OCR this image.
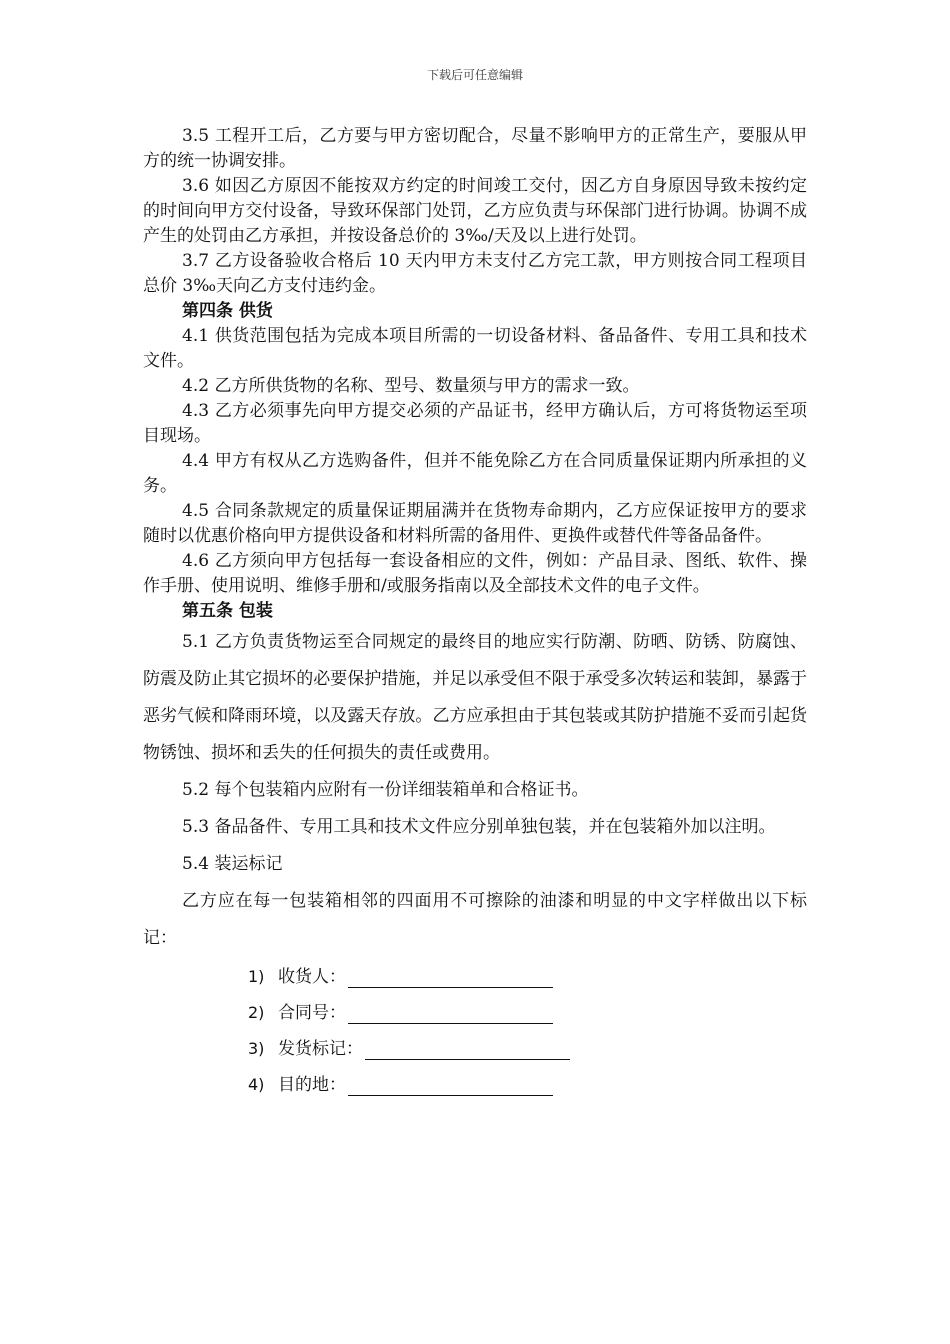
下载后可任意编辑

3.5 工程开工后，乙方要与甲方密切配合，尽量不影响甲方的正常生产，要服从甲方的统一协调安排。

3.6 如因乙方原因不能按双方约定的时间竣工交付，因乙方自身原因导致未按约定的时间向甲方交付设备，导致环保部门处罚，乙方应负责与环保部门进行协调。协调不成产生的处罚由乙方承担，并按设备总价的 3‰/天及以上进行处罚。

3.7 乙方设备验收合格后 10 天内甲方未支付乙方完工款，甲方则按合同工程项目总价 3‰天向乙方支付违约金。

第四条 供货

4.1 供货范围包括为完成本项目所需的一切设备材料、备品备件、专用工具和技术文件。

4.2 乙方所供货物的名称、型号、数量须与甲方的需求一致。

4.3 乙方必须事先向甲方提交必须的产品证书，经甲方确认后，方可将货物运至项目现场。

4.4 甲方有权从乙方选购备件，但并不能免除乙方在合同质量保证期内所承担的义务。

4.5 合同条款规定的质量保证期届满并在货物寿命期内，乙方应保证按甲方的要求随时以优惠价格向甲方提供设备和材料所需的备用件、更换件或替代件等备品备件。

4.6 乙方须向甲方包括每一套设备相应的文件，例如：产品目录、图纸、软件、操作手册、使用说明、维修手册和/或服务指南以及全部技术文件的电子文件。

第五条 包装

5.1 乙方负责货物运至合同规定的最终目的地应实行防潮、防晒、防锈、防腐蚀、防震及防止其它损坏的必要保护措施，并足以承受但不限于承受多次转运和装卸，暴露于恶劣气候和降雨环境，以及露天存放。乙方应承担由于其包装或其防护措施不妥而引起货物锈蚀、损坏和丢失的任何损失的责任或费用。

5.2 每个包装箱内应附有一份详细装箱单和合格证书。

5.3 备品备件、专用工具和技术文件应分别单独包装，并在包装箱外加以注明。

5.4 装运标记

乙方应在每一包装箱相邻的四面用不可擦除的油漆和明显的中文字样做出以下标记：

1) 收货人：
2) 合同号：
3) 发货标记：
4) 目的地：
